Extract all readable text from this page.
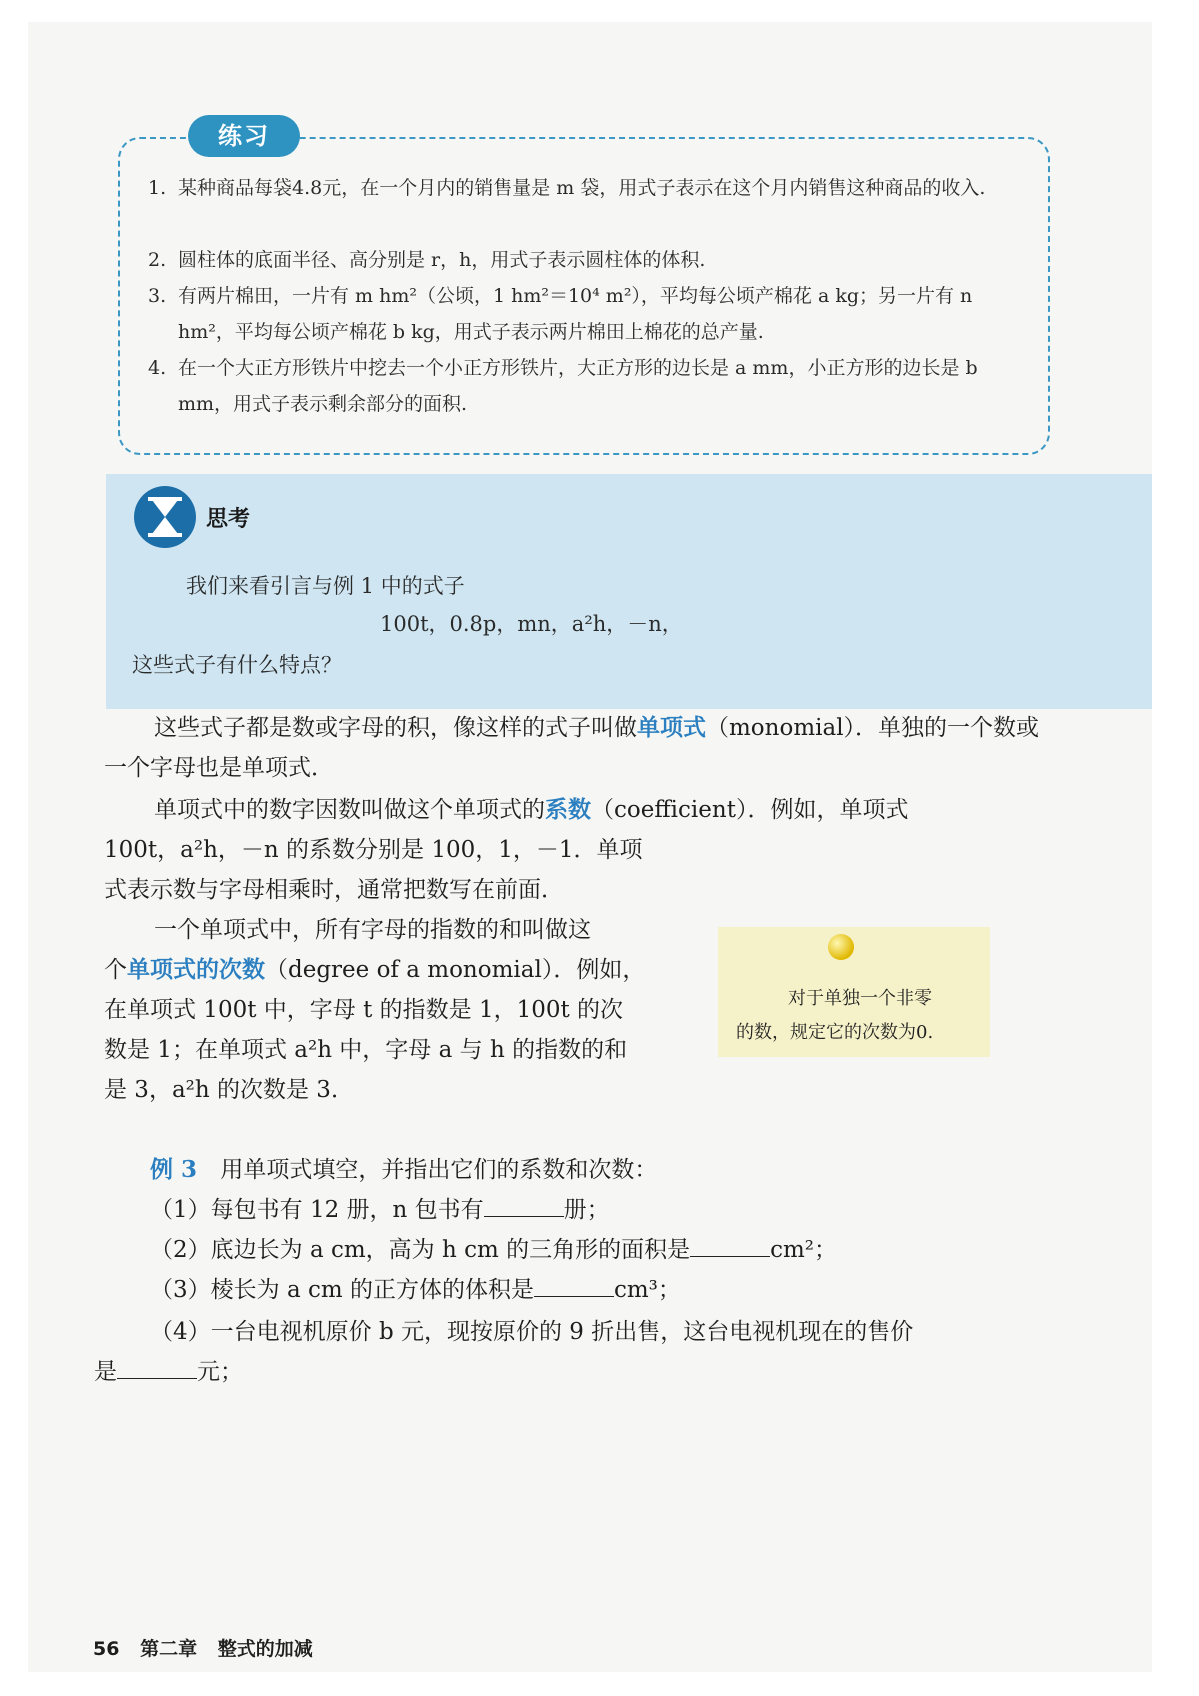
练习
1. 某种商品每袋4.8元，在一个月内的销售量是 m 袋，用式子表示在这个月内销售这种商品的收入.
2. 圆柱体的底面半径、高分别是 r，h，用式子表示圆柱体的体积.
3. 有两片棉田，一片有 m hm²（公顷，1 hm²＝10⁴ m²），平均每公顷产棉花 a kg；另一片有 n hm²，平均每公顷产棉花 b kg，用式子表示两片棉田上棉花的总产量.
4. 在一个大正方形铁片中挖去一个小正方形铁片，大正方形的边长是 a mm，小正方形的边长是 b mm，用式子表示剩余部分的面积.
思考
我们来看引言与例 1 中的式子
100t，0.8p，mn，a²h，－n，
这些式子有什么特点？
这些式子都是数或字母的积，像这样的式子叫做单项式（monomial）．单独的一个数或一个字母也是单项式．
单项式中的数字因数叫做这个单项式的系数（coefficient）．例如，单项式
100t，a²h，－n 的系数分别是 100，1，－1．单项
式表示数与字母相乘时，通常把数写在前面．
一个单项式中，所有字母的指数的和叫做这
个单项式的次数（degree of a monomial）．例如，
在单项式 100t 中，字母 t 的指数是 1，100t 的次
数是 1；在单项式 a²h 中，字母 a 与 h 的指数的和
是 3，a²h 的次数是 3．
对于单独一个非零
的数，规定它的次数为0.
例 3 用单项式填空，并指出它们的系数和次数：
（1）每包书有 12 册，n 包书有	册；
（2）底边长为 a cm，高为 h cm 的三角形的面积是	cm²；
（3）棱长为 a cm 的正方体的体积是	cm³；
（4）一台电视机原价 b 元，现按原价的 9 折出售，这台电视机现在的售价
是	元；
56 第二章 整式的加减
